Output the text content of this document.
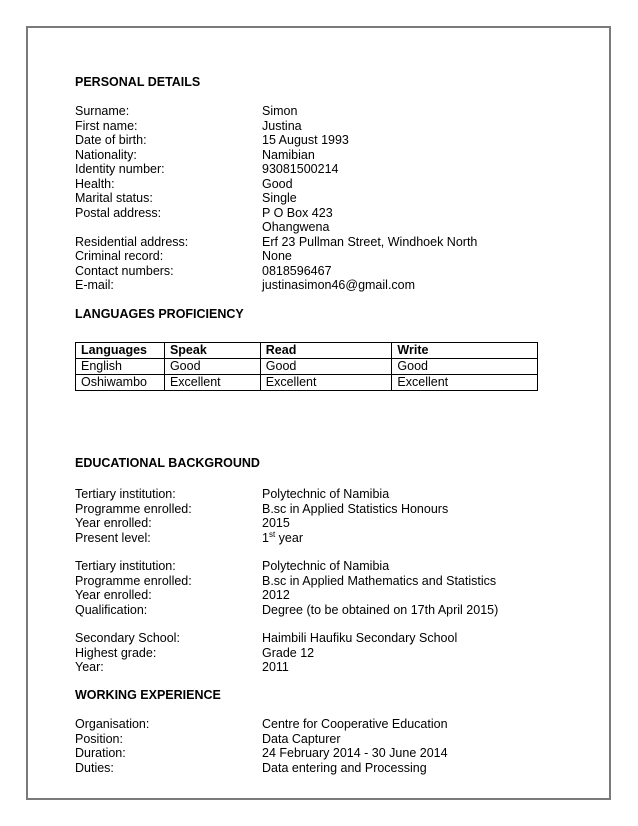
PERSONAL DETAILS
Surname:	Simon
First name:	Justina
Date of birth:	15 August 1993
Nationality:	Namibian
Identity number:	93081500214
Health:	Good
Marital status:	Single
Postal address:	P O Box 423
Ohangwena
Residential address:	Erf 23 Pullman Street, Windhoek North
Criminal record:	None
Contact numbers:	0818596467
E-mail:	justinasimon46@gmail.com
LANGUAGES PROFICIENCY
Languages	Speak	Read	Write
English	Good	Good	Good
Oshiwambo	Excellent	Excellent	Excellent
EDUCATIONAL BACKGROUND
Tertiary institution:	Polytechnic of Namibia
Programme enrolled:	B.sc in Applied Statistics Honours
Year enrolled:	2015
Present level:	1st year
Tertiary institution:	Polytechnic of Namibia
Programme enrolled:	B.sc in Applied Mathematics and Statistics
Year enrolled:	2012
Qualification:	Degree (to be obtained on 17th April 2015)
Secondary School:	Haimbili Haufiku Secondary School
Highest grade:	Grade 12
Year:	2011
WORKING EXPERIENCE
Organisation:	Centre for Cooperative Education
Position:	Data Capturer
Duration:	24 February 2014 - 30 June 2014
Duties:	Data entering and Processing
